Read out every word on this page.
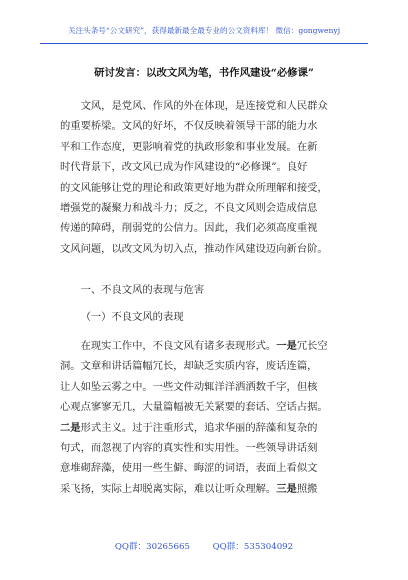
关注头条号“公文研究”，获得最新最全最专业的公文资料库！ 微信：gongwenyj
研讨发言：以改文风为笔，书作风建设“必修课”
文风，是党风、作风的外在体现，是连接党和人民群众
的重要桥梁。文风的好坏，不仅反映着领导干部的能力水
平和工作态度，更影响着党的执政形象和事业发展。在新
时代背景下，改文风已成为作风建设的“必修课”。良好
的文风能够让党的理论和政策更好地为群众所理解和接受，
增强党的凝聚力和战斗力；反之，不良文风则会造成信息
传递的障碍，削弱党的公信力。因此，我们必须高度重视
文风问题，以改文风为切入点，推动作风建设迈向新台阶。
一、不良文风的表现与危害
（一）不良文风的表现
在现实工作中，不良文风有诸多表现形式。一是冗长空
洞。文章和讲话篇幅冗长，却缺乏实质内容，废话连篇，
让人如坠云雾之中。一些文件动辄洋洋洒洒数千字，但核
心观点寥寥无几，大量篇幅被无关紧要的套话、空话占据。
二是形式主义。过于注重形式，追求华丽的辞藻和复杂的
句式，而忽视了内容的真实性和实用性。一些领导讲话刻
意堆砌辞藻，使用一些生僻、晦涩的词语，表面上看似文
采飞扬，实际上却脱离实际，难以让听众理解。三是照搬
QQ群：30265665	QQ群：535304092
